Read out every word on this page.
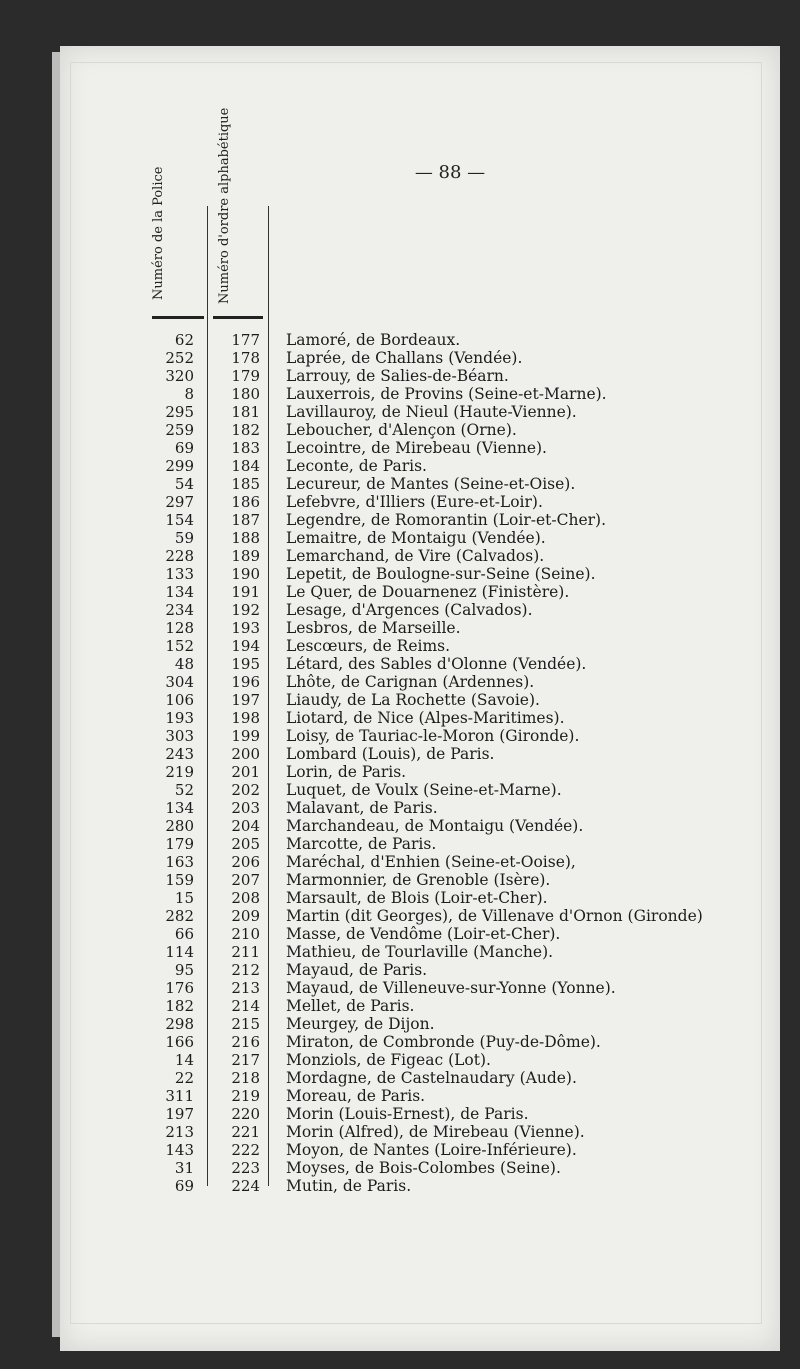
— 88 —
Numéro de la Police	Numéro d'ordre alphabétique
62	177 Lamoré, de Bordeaux.
252	178 Laprée, de Challans (Vendée).
320	179 Larrouy, de Salies-de-Béarn.
8	180 Lauxerrois, de Provins (Seine-et-Marne).
295	181 Lavillauroy, de Nieul (Haute-Vienne).
259	182 Leboucher, d'Alençon (Orne).
69	183 Lecointre, de Mirebeau (Vienne).
299	184 Leconte, de Paris.
54	185 Lecureur, de Mantes (Seine-et-Oise).
297	186 Lefebvre, d'Illiers (Eure-et-Loir).
154	187 Legendre, de Romorantin (Loir-et-Cher).
59	188 Lemaitre, de Montaigu (Vendée).
228	189 Lemarchand, de Vire (Calvados).
133	190 Lepetit, de Boulogne-sur-Seine (Seine).
134	191 Le Quer, de Douarnenez (Finistère).
234	192 Lesage, d'Argences (Calvados).
128	193 Lesbros, de Marseille.
152	194 Lescœurs, de Reims.
48	195 Létard, des Sables d'Olonne (Vendée).
304	196 Lhôte, de Carignan (Ardennes).
106	197 Liaudy, de La Rochette (Savoie).
193	198 Liotard, de Nice (Alpes-Maritimes).
303	199 Loisy, de Tauriac-le-Moron (Gironde).
243	200 Lombard (Louis), de Paris.
219	201 Lorin, de Paris.
52	202 Luquet, de Voulx (Seine-et-Marne).
134	203 Malavant, de Paris.
280	204 Marchandeau, de Montaigu (Vendée).
179	205 Marcotte, de Paris.
163	206 Maréchal, d'Enhien (Seine-et-Ooise),
159	207 Marmonnier, de Grenoble (Isère).
15	208 Marsault, de Blois (Loir-et-Cher).
282	209 Martin (dit Georges), de Villenave d'Ornon (Gironde)
66	210 Masse, de Vendôme (Loir-et-Cher).
114	211 Mathieu, de Tourlaville (Manche).
95	212 Mayaud, de Paris.
176	213 Mayaud, de Villeneuve-sur-Yonne (Yonne).
182	214 Mellet, de Paris.
298	215 Meurgey, de Dijon.
166	216 Miraton, de Combronde (Puy-de-Dôme).
14	217 Monziols, de Figeac (Lot).
22	218 Mordagne, de Castelnaudary (Aude).
311	219 Moreau, de Paris.
197	220 Morin (Louis-Ernest), de Paris.
213	221 Morin (Alfred), de Mirebeau (Vienne).
143	222 Moyon, de Nantes (Loire-Inférieure).
31	223 Moyses, de Bois-Colombes (Seine).
69	224 Mutin, de Paris.
